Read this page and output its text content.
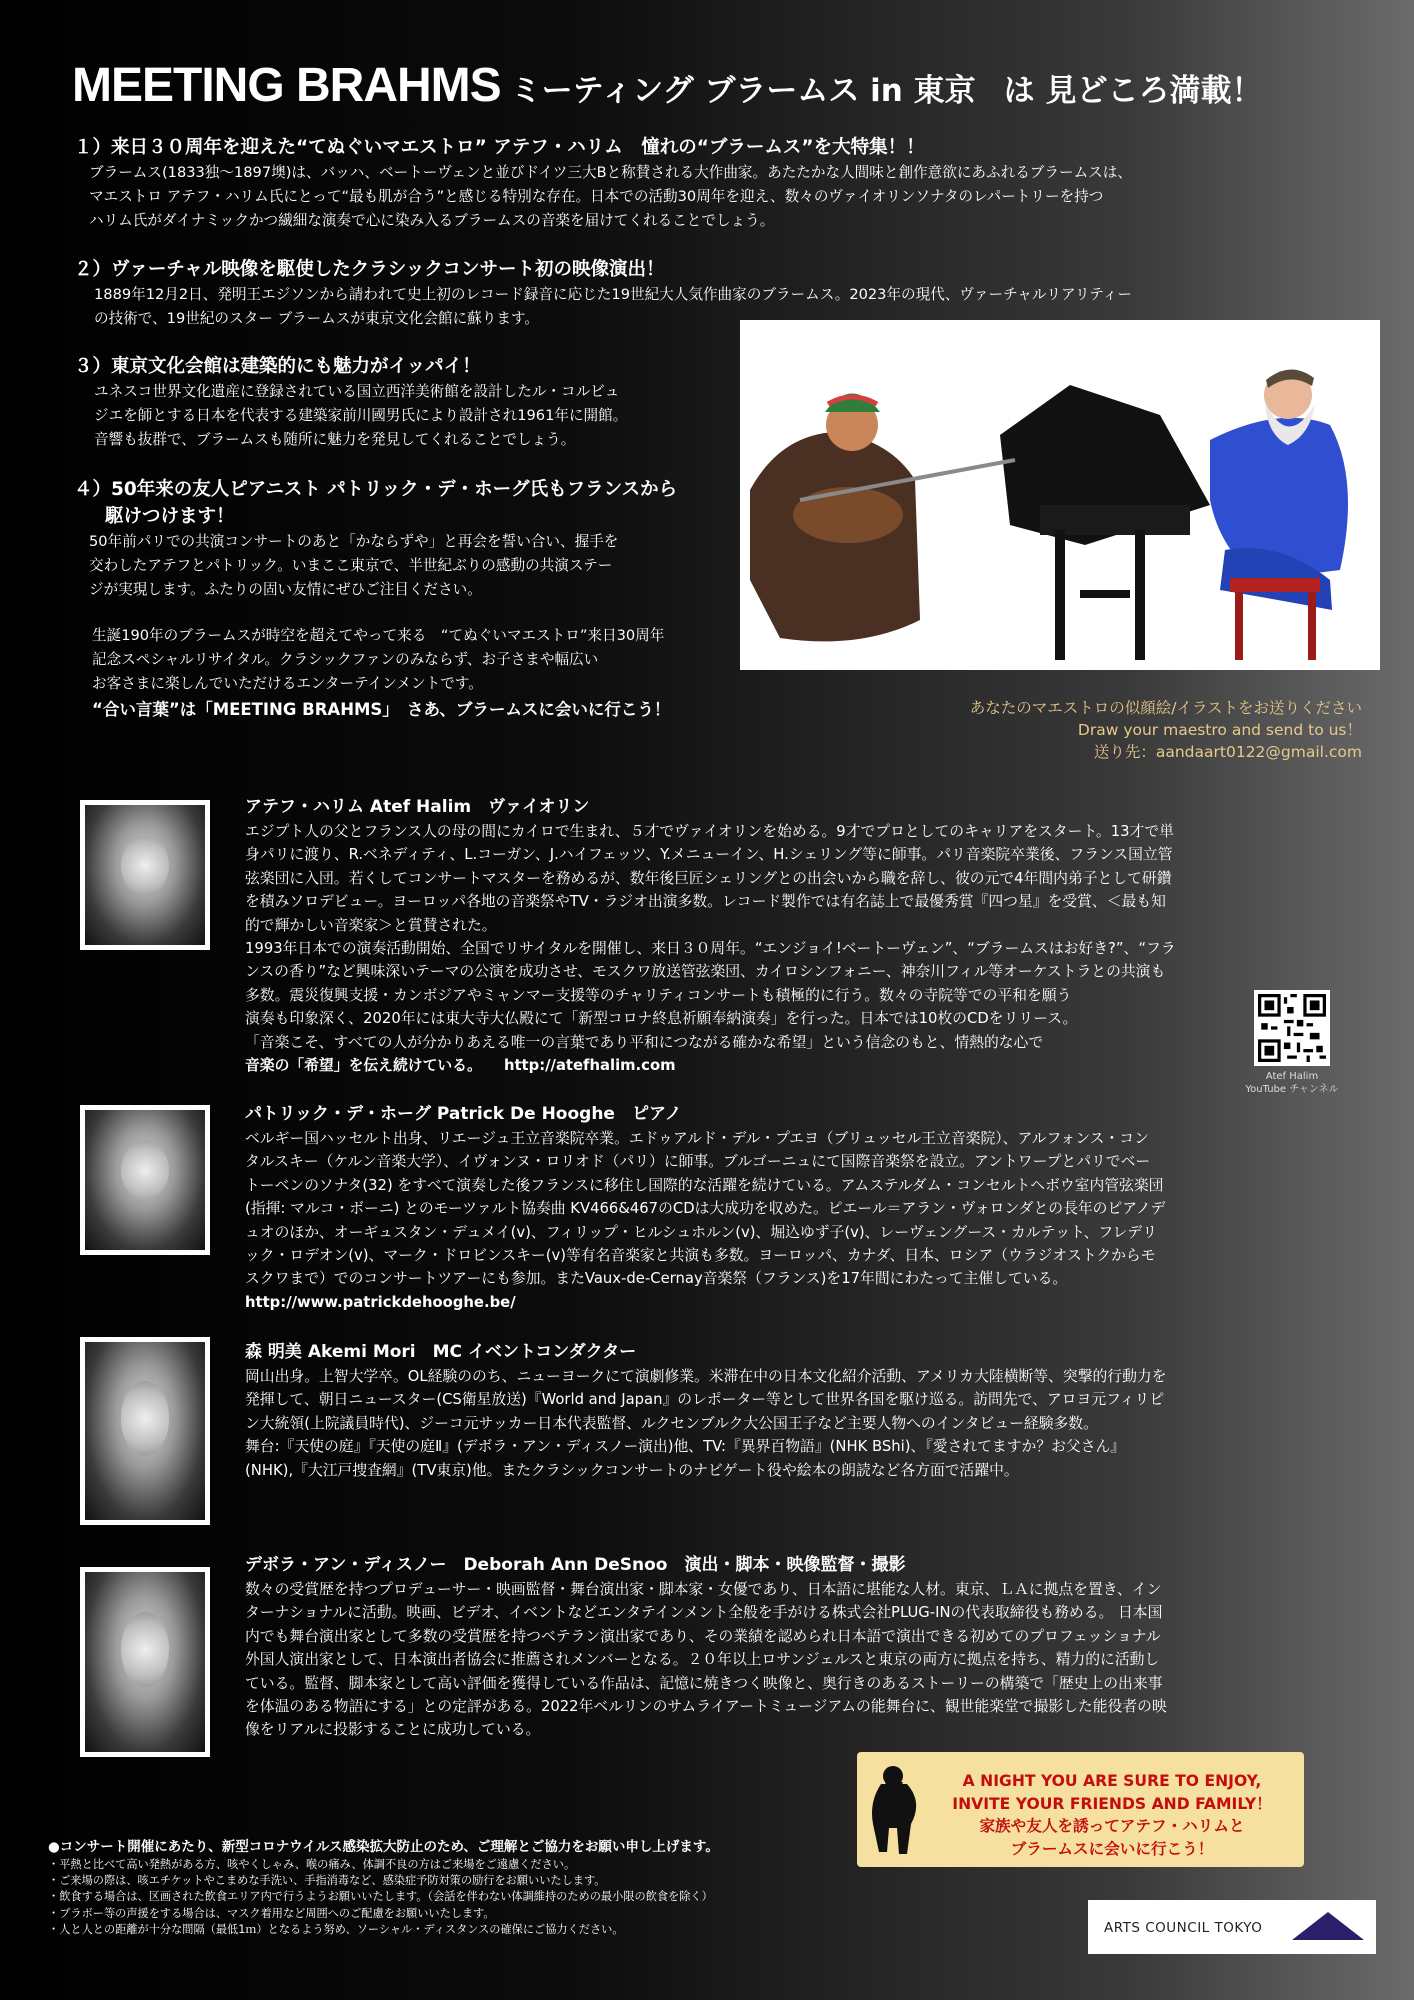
MEETING BRAHMS ミーティング ブラームス in 東京 は 見どころ満載！
１）来日３０周年を迎えた“てぬぐいマエストロ” アテフ・ハリム　憧れの“ブラームス”を大特集！！
ブラームス(1833独〜1897墺)は、バッハ、ベートーヴェンと並びドイツ三大Bと称賛される大作曲家。あたたかな人間味と創作意欲にあふれるブラームスは、
マエストロ アテフ・ハリム氏にとって“最も肌が合う”と感じる特別な存在。日本での活動30周年を迎え、数々のヴァイオリンソナタのレパートリーを持つ
ハリム氏がダイナミックかつ繊細な演奏で心に染み入るブラームスの音楽を届けてくれることでしょう。
２）ヴァーチャル映像を駆使したクラシックコンサート初の映像演出！
1889年12月2日、発明王エジソンから請われて史上初のレコード録音に応じた19世紀大人気作曲家のブラームス。2023年の現代、ヴァーチャルリアリティー
の技術で、19世紀のスター ブラームスが東京文化会館に蘇ります。
３）東京文化会館は建築的にも魅力がイッパイ！
ユネスコ世界文化遺産に登録されている国立西洋美術館を設計したル・コルビュ
ジエを師とする日本を代表する建築家前川國男氏により設計され1961年に開館。
音響も抜群で、ブラームスも随所に魅力を発見してくれることでしょう。
４）50年来の友人ピアニスト パトリック・デ・ホーグ氏もフランスから
　 駆けつけます！
50年前パリでの共演コンサートのあと「かならずや」と再会を誓い合い、握手を
交わしたアテフとパトリック。いまここ東京で、半世紀ぶりの感動の共演ステー
ジが実現します。ふたりの固い友情にぜひご注目ください。
生誕190年のブラームスが時空を超えてやって来る　“てぬぐいマエストロ”来日30周年
記念スペシャルリサイタル。クラシックファンのみならず、お子さまや幅広い
お客さまに楽しんでいただけるエンターテインメントです。
“合い言葉”は「MEETING BRAHMS」　さあ、ブラームスに会いに行こう！	あなたのマエストロの似顔絵/イラストをお送りください
Draw your maestro and send to us！
送り先：aandaart0122@gmail.com
アテフ・ハリム Atef Halim　ヴァイオリン
エジプト人の父とフランス人の母の間にカイロで生まれ、５才でヴァイオリンを始める。9才でプロとしてのキャリアをスタート。13才で単
身パリに渡り、R.ベネディティ、L.コーガン、J.ハイフェッツ、Y.メニューイン、H.シェリング等に師事。パリ音楽院卒業後、フランス国立管
弦楽団に入団。若くしてコンサートマスターを務めるが、数年後巨匠シェリングとの出会いから職を辞し、彼の元で4年間内弟子として研鑽
を積みソロデビュー。ヨーロッパ各地の音楽祭やTV・ラジオ出演多数。レコード製作では有名誌上で最優秀賞『四つ星』を受賞、＜最も知
的で輝かしい音楽家＞と賞賛された。
1993年日本での演奏活動開始、全国でリサイタルを開催し、来日３０周年。“エンジョイ!ベートーヴェン”、“ブラームスはお好き?”、“フラ
ンスの香り”など興味深いテーマの公演を成功させ、モスクワ放送管弦楽団、カイロシンフォニー、神奈川フィル等オーケストラとの共演も
多数。震災復興支援・カンボジアやミャンマー支援等のチャリティコンサートも積極的に行う。数々の寺院等での平和を願う
演奏も印象深く、2020年には東大寺大仏殿にて「新型コロナ終息祈願奉納演奏」を行った。日本では10枚のCDをリリース。
「音楽こそ、すべての人が分かりあえる唯一の言葉であり平和につながる確かな希望」という信念のもと、情熱的な心で
音楽の「希望」を伝え続けている。　　http://atefhalim.com
Atef Halim
YouTube チャンネル
パトリック・デ・ホーグ Patrick De Hooghe　ピアノ
ベルギー国ハッセルト出身、リエージュ王立音楽院卒業。エドゥアルド・デル・プエヨ（ブリュッセル王立音楽院）、アルフォンス・コン
タルスキー（ケルン音楽大学）、イヴォンヌ・ロリオド（パリ）に師事。ブルゴーニュにて国際音楽祭を設立。アントワープとパリでベー
トーベンのソナタ(32) をすべて演奏した後フランスに移住し国際的な活躍を続けている。アムステルダム・コンセルトヘボウ室内管弦楽団
(指揮: マルコ・ボーニ) とのモーツァルト協奏曲 KV466&467のCDは大成功を収めた。ピエール＝アラン・ヴォロンダとの長年のピアノデ
ュオのほか、オーギュスタン・デュメイ(v)、フィリップ・ヒルシュホルン(v)、堀込ゆず子(v)、レーヴェングース・カルテット、フレデリ
ック・ロデオン(v)、マーク・ドロビンスキー(v)等有名音楽家と共演も多数。ヨーロッパ、カナダ、日本、ロシア（ウラジオストクからモ
スクワまで）でのコンサートツアーにも参加。またVaux-de-Cernay音楽祭（フランス)を17年間にわたって主催している。
http://www.patrickdehooghe.be/
森 明美 Akemi Mori　MC イベントコンダクター
岡山出身。上智大学卒。OL経験ののち、ニューヨークにて演劇修業。米滞在中の日本文化紹介活動、アメリカ大陸横断等、突撃的行動力を
発揮して、朝日ニュースター(CS衛星放送)『World and Japan』のレポーター等として世界各国を駆け巡る。訪問先で、アロヨ元フィリピ
ン大統領(上院議員時代)、ジーコ元サッカー日本代表監督、ルクセンブルク大公国王子など主要人物へのインタビュー経験多数。
舞台:『天使の庭』『天使の庭Ⅱ』(デボラ・アン・ディスノー演出)他、TV:『異界百物語』(NHK BShi)、『愛されてますか？お父さん』
(NHK),『大江戸捜査網』(TV東京)他。またクラシックコンサートのナビゲート役や絵本の朗読など各方面で活躍中。
デボラ・アン・ディスノー　Deborah Ann DeSnoo　演出・脚本・映像監督・撮影
数々の受賞歴を持つプロデューサー・映画監督・舞台演出家・脚本家・女優であり、日本語に堪能な人材。東京、ＬＡに拠点を置き、イン
ターナショナルに活動。映画、ビデオ、イベントなどエンタテインメント全般を手がける株式会社PLUG-INの代表取締役も務める。 日本国
内でも舞台演出家として多数の受賞歴を持つベテラン演出家であり、その業績を認められ日本語で演出できる初めてのプロフェッショナル
外国人演出家として、日本演出者協会に推薦されメンバーとなる。２０年以上ロサンジェルスと東京の両方に拠点を持ち、精力的に活動し
ている。監督、脚本家として高い評価を獲得している作品は、記憶に焼きつく映像と、奥行きのあるストーリーの構築で「歴史上の出来事
を体温のある物語にする」との定評がある。2022年ベルリンのサムライアートミュージアムの能舞台に、観世能楽堂で撮影した能役者の映
像をリアルに投影することに成功している。
A NIGHT YOU ARE SURE TO ENJOY,
INVITE YOUR FRIENDS AND FAMILY！
家族や友人を誘ってアテフ・ハリムと
ブラームスに会いに行こう！
●コンサート開催にあたり、新型コロナウイルス感染拡大防止のため、ご理解とご協力をお願い申し上げます。
・平熱と比べて高い発熱がある方、咳やくしゃみ、喉の痛み、体調不良の方はご来場をご遠慮ください。
・ご来場の際は、咳エチケットやこまめな手洗い、手指消毒など、感染症予防対策の励行をお願いいたします。
・飲食する場合は、区画された飲食エリア内で行うようお願いいたします。（会話を伴わない体調維持のための最小限の飲食を除く）
・ブラボー等の声援をする場合は、マスク着用など周囲へのご配慮をお願いいたします。
・人と人との距離が十分な間隔（最低1ｍ）となるよう努め、ソーシャル・ディスタンスの確保にご協力ください。	ARTS COUNCIL TOKYO
